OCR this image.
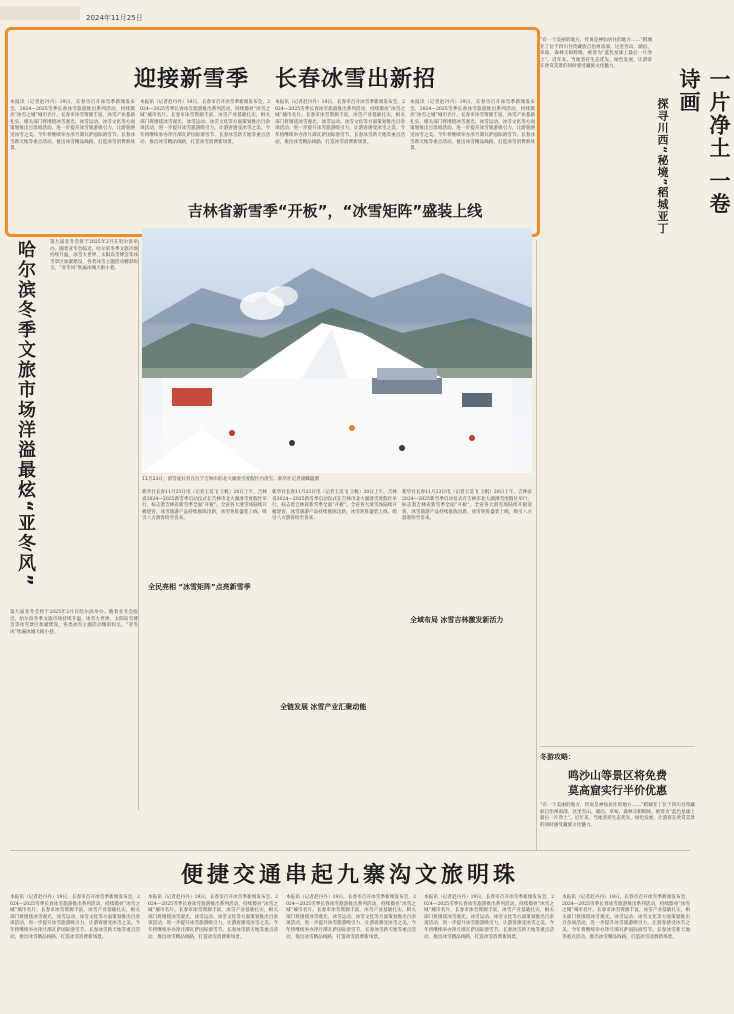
2024年11月25日
迎接新雪季   长春冰雪出新招
本报讯（记者赵丹丹）19日，长春市召开冰雪季新闻发布会，2024—2025雪季长春冰雪旅游推出系列活动，持续擦亮“冰雪之城”城市名片。长春市冰雪资源丰富，冰雪产业基础扎实，相关部门将围绕冰雪观光、冰雪运动、冰雪文化等方面策划推出百余项活动，进一步提升冰雪旅游吸引力，让游客感受冰雪之美。今年将继续举办净月潭瓦萨国际滑雪节、长春冰雪新天地等重点活动，推出冰雪精品线路，打造冰雪消费新场景。
本报讯（记者赵丹丹）19日，长春市召开冰雪季新闻发布会，2024—2025雪季长春冰雪旅游推出系列活动，持续擦亮“冰雪之城”城市名片。长春市冰雪资源丰富，冰雪产业基础扎实，相关部门将围绕冰雪观光、冰雪运动、冰雪文化等方面策划推出百余项活动，进一步提升冰雪旅游吸引力，让游客感受冰雪之美。今年将继续举办净月潭瓦萨国际滑雪节、长春冰雪新天地等重点活动，推出冰雪精品线路，打造冰雪消费新场景。
本报讯（记者赵丹丹）19日，长春市召开冰雪季新闻发布会，2024—2025雪季长春冰雪旅游推出系列活动，持续擦亮“冰雪之城”城市名片。长春市冰雪资源丰富，冰雪产业基础扎实，相关部门将围绕冰雪观光、冰雪运动、冰雪文化等方面策划推出百余项活动，进一步提升冰雪旅游吸引力，让游客感受冰雪之美。今年将继续举办净月潭瓦萨国际滑雪节、长春冰雪新天地等重点活动，推出冰雪精品线路，打造冰雪消费新场景。
本报讯（记者赵丹丹）19日，长春市召开冰雪季新闻发布会，2024—2025雪季长春冰雪旅游推出系列活动，持续擦亮“冰雪之城”城市名片。长春市冰雪资源丰富，冰雪产业基础扎实，相关部门将围绕冰雪观光、冰雪运动、冰雪文化等方面策划推出百余项活动，进一步提升冰雪旅游吸引力，让游客感受冰雪之美。今年将继续举办净月潭瓦萨国际滑雪节、长春冰雪新天地等重点活动，推出冰雪精品线路，打造冰雪消费新场景。
哈尔滨冬季文旅市场洋溢最炫“亚冬风”	第九届亚冬会将于2025年2月在哈尔滨举办。随着亚冬会临近，哈尔滨冬季文旅市场持续升温，冰雪大世界、太阳岛雪博会等冰雪景区加紧建设，各类冰雪主题活动精彩纷呈，“亚冬风”吹遍冰城大街小巷。
第九届亚冬会将于2025年2月在哈尔滨举办。随着亚冬会临近，哈尔滨冬季文旅市场持续升温，冰雪大世界、太阳岛雪博会等冰雪景区加紧建设，各类冰雪主题活动精彩纷呈，“亚冬风”吹遍冰城大街小巷。
吉林省新雪季“开板”，“冰雪矩阵”盛装上线
11月23日，滑雪爱好者在位于吉林市的北大湖滑雪度假区内滑雪。新华社记者颜麟蕴摄
新华社长春11月23日电（记者王昊飞 王帆）20日上午，吉林省2024—2025新雪季启动仪式在吉林市北大湖滑雪度假区举行，标志着吉林省新雪季全面“开板”。全省各大滑雪场陆续开板迎客，冰雪旅游产品持续推陈出新，冰雪矩阵盛装上线，吸引八方游客纷至沓来。
全民亮相 “冰雪矩阵”点亮新雪季
新华社长春11月23日电（记者王昊飞 王帆）20日上午，吉林省2024—2025新雪季启动仪式在吉林市北大湖滑雪度假区举行，标志着吉林省新雪季全面“开板”。全省各大滑雪场陆续开板迎客，冰雪旅游产品持续推陈出新，冰雪矩阵盛装上线，吸引八方游客纷至沓来。
全链发展 冰雪产业汇聚动能
新华社长春11月23日电（记者王昊飞 王帆）20日上午，吉林省2024—2025新雪季启动仪式在吉林市北大湖滑雪度假区举行，标志着吉林省新雪季全面“开板”。全省各大滑雪场陆续开板迎客，冰雪旅游产品持续推陈出新，冰雪矩阵盛装上线，吸引八方游客纷至沓来。
全域布局 冰雪吉林激发新活力
“有一个美丽的地方，传说是神仙居住的地方……”稻城亚丁位于四川甘孜藏族自治州南部，这里雪山、湖泊、草甸、森林交相辉映，被誉为“蓝色星球上最后一片净土”。近年来，当地坚持生态优先、绿色发展，让游客在欣赏美景的同时感受藏族文化魅力。
一片净土 一卷诗画
探寻川西“秘境”稻城亚丁
冬游攻略：
鸣沙山等景区将免费
莫高窟实行半价优惠
“有一个美丽的地方，传说是神仙居住的地方……”稻城亚丁位于四川甘孜藏族自治州南部，这里雪山、湖泊、草甸、森林交相辉映，被誉为“蓝色星球上最后一片净土”。近年来，当地坚持生态优先、绿色发展，让游客在欣赏美景的同时感受藏族文化魅力。
便捷交通串起九寨沟文旅明珠
本报讯（记者赵丹丹）19日，长春市召开冰雪季新闻发布会，2024—2025雪季长春冰雪旅游推出系列活动，持续擦亮“冰雪之城”城市名片。长春市冰雪资源丰富，冰雪产业基础扎实，相关部门将围绕冰雪观光、冰雪运动、冰雪文化等方面策划推出百余项活动，进一步提升冰雪旅游吸引力，让游客感受冰雪之美。今年将继续举办净月潭瓦萨国际滑雪节、长春冰雪新天地等重点活动，推出冰雪精品线路，打造冰雪消费新场景。
本报讯（记者赵丹丹）19日，长春市召开冰雪季新闻发布会，2024—2025雪季长春冰雪旅游推出系列活动，持续擦亮“冰雪之城”城市名片。长春市冰雪资源丰富，冰雪产业基础扎实，相关部门将围绕冰雪观光、冰雪运动、冰雪文化等方面策划推出百余项活动，进一步提升冰雪旅游吸引力，让游客感受冰雪之美。今年将继续举办净月潭瓦萨国际滑雪节、长春冰雪新天地等重点活动，推出冰雪精品线路，打造冰雪消费新场景。
本报讯（记者赵丹丹）19日，长春市召开冰雪季新闻发布会，2024—2025雪季长春冰雪旅游推出系列活动，持续擦亮“冰雪之城”城市名片。长春市冰雪资源丰富，冰雪产业基础扎实，相关部门将围绕冰雪观光、冰雪运动、冰雪文化等方面策划推出百余项活动，进一步提升冰雪旅游吸引力，让游客感受冰雪之美。今年将继续举办净月潭瓦萨国际滑雪节、长春冰雪新天地等重点活动，推出冰雪精品线路，打造冰雪消费新场景。
本报讯（记者赵丹丹）19日，长春市召开冰雪季新闻发布会，2024—2025雪季长春冰雪旅游推出系列活动，持续擦亮“冰雪之城”城市名片。长春市冰雪资源丰富，冰雪产业基础扎实，相关部门将围绕冰雪观光、冰雪运动、冰雪文化等方面策划推出百余项活动，进一步提升冰雪旅游吸引力，让游客感受冰雪之美。今年将继续举办净月潭瓦萨国际滑雪节、长春冰雪新天地等重点活动，推出冰雪精品线路，打造冰雪消费新场景。
本报讯（记者赵丹丹）19日，长春市召开冰雪季新闻发布会，2024—2025雪季长春冰雪旅游推出系列活动，持续擦亮“冰雪之城”城市名片。长春市冰雪资源丰富，冰雪产业基础扎实，相关部门将围绕冰雪观光、冰雪运动、冰雪文化等方面策划推出百余项活动，进一步提升冰雪旅游吸引力，让游客感受冰雪之美。今年将继续举办净月潭瓦萨国际滑雪节、长春冰雪新天地等重点活动，推出冰雪精品线路，打造冰雪消费新场景。
